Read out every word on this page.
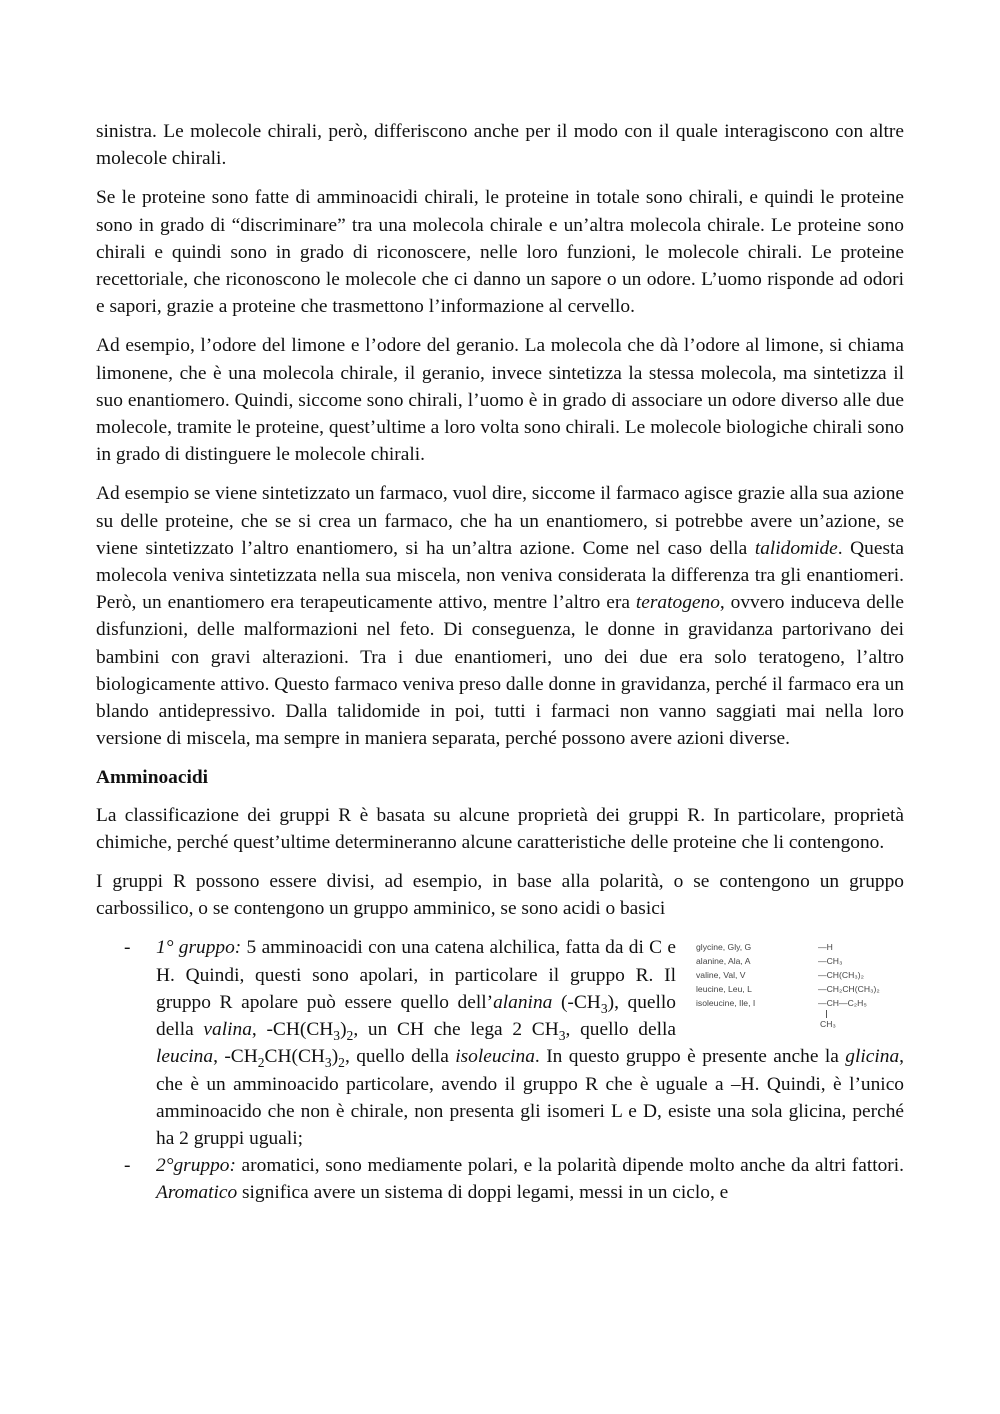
sinistra. Le molecole chirali, però, differiscono anche per il modo con il quale interagiscono con altre molecole chirali.

Se le proteine sono fatte di amminoacidi chirali, le proteine in totale sono chirali, e quindi le proteine sono in grado di “discriminare” tra una molecola chirale e un’altra molecola chirale. Le proteine sono chirali e quindi sono in grado di riconoscere, nelle loro funzioni, le molecole chirali. Le proteine recettoriale, che riconoscono le molecole che ci danno un sapore o un odore. L’uomo risponde ad odori e sapori, grazie a proteine che trasmettono l’informazione al cervello.

Ad esempio, l’odore del limone e l’odore del geranio. La molecola che dà l’odore al limone, si chiama limonene, che è una molecola chirale, il geranio, invece sintetizza la stessa molecola, ma sintetizza il suo enantiomero. Quindi, siccome sono chirali, l’uomo è in grado di associare un odore diverso alle due molecole, tramite le proteine, quest’ultime a loro volta sono chirali. Le molecole biologiche chirali sono in grado di distinguere le molecole chirali.

Ad esempio se viene sintetizzato un farmaco, vuol dire, siccome il farmaco agisce grazie alla sua azione su delle proteine, che se si crea un farmaco, che ha un enantiomero, si potrebbe avere un’azione, se viene sintetizzato l’altro enantiomero, si ha un’altra azione. Come nel caso della talidomide. Questa molecola veniva sintetizzata nella sua miscela, non veniva considerata la differenza tra gli enantiomeri. Però, un enantiomero era terapeuticamente attivo, mentre l’altro era teratogeno, ovvero induceva delle disfunzioni, delle malformazioni nel feto. Di conseguenza, le donne in gravidanza partorivano dei bambini con gravi alterazioni. Tra i due enantiomeri, uno dei due era solo teratogeno, l’altro biologicamente attivo. Questo farmaco veniva preso dalle donne in gravidanza, perché il farmaco era un blando antidepressivo. Dalla talidomide in poi, tutti i farmaci non vanno saggiati mai nella loro versione di miscela, ma sempre in maniera separata, perché possono avere azioni diverse.

Amminoacidi

La classificazione dei gruppi R è basata su alcune proprietà dei gruppi R. In particolare, proprietà chimiche, perché quest’ultime determineranno alcune caratteristiche delle proteine che li contengono.

I gruppi R possono essere divisi, ad esempio, in base alla polarità, o se contengono un gruppo carbossilico, o se contengono un gruppo amminico, se sono acidi o basici

-	glycine, Gly, G	—H
alanine, Ala, A	—CH₃
valine, Val, V	—CH(CH₃)₂
leucine, Leu, L	—CH₂CH(CH₃)₂
isoleucine, Ile, I	—CH—C₂H₅
CH₃
1° gruppo: 5 amminoacidi con una catena alchilica, fatta da di C e H. Quindi, questi sono apolari, in particolare il gruppo R. Il gruppo R apolare può essere quello dell’alanina $(-CH_3)$, quello della valina, $-CH(CH_3)_2$, un CH che lega 2 $CH_3$, quello della leucina, $-CH_2CH(CH_3)_2$, quello della isoleucina. In questo gruppo è presente anche la glicina, che è un amminoacido particolare, avendo il gruppo R che è uguale a –H. Quindi, è l’unico amminoacido che non è chirale, non presenta gli isomeri L e D, esiste una sola glicina, perché ha 2 gruppi uguali;
- 2°gruppo: aromatici, sono mediamente polari, e la polarità dipende molto anche da altri fattori. Aromatico significa avere un sistema di doppi legami, messi in un ciclo, e
